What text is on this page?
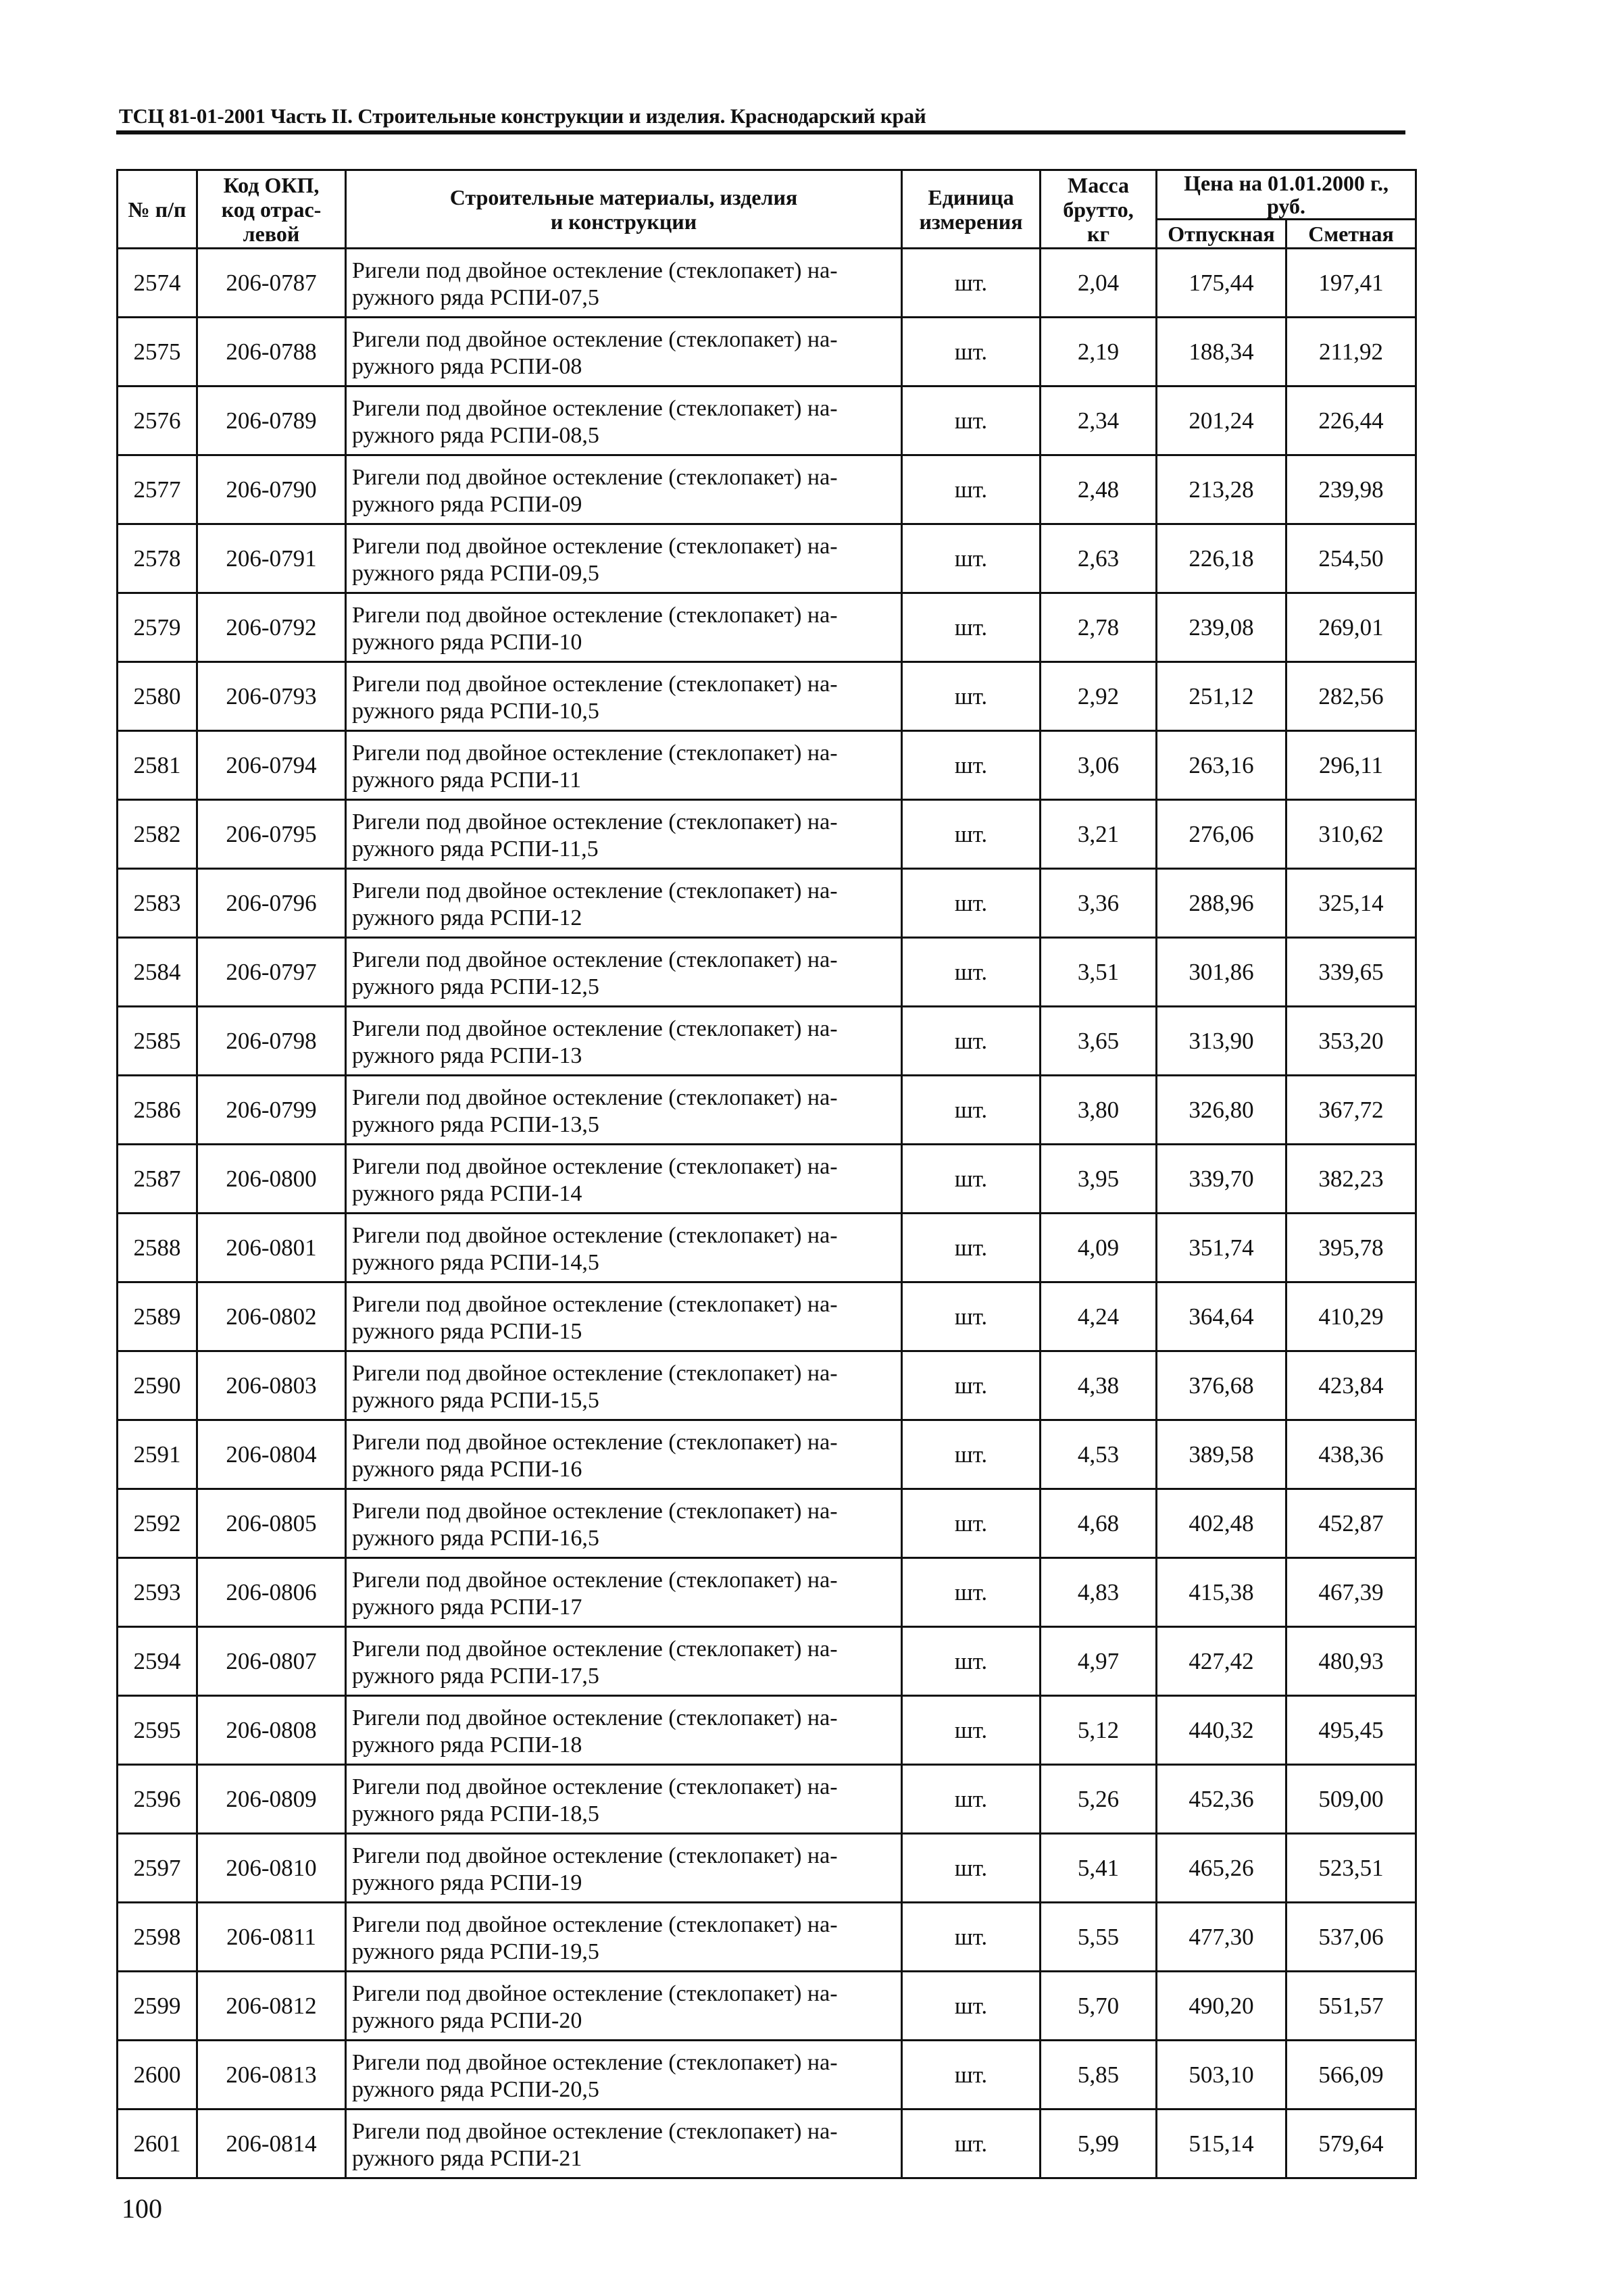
ТСЦ 81-01-2001 Часть II. Строительные конструкции и изделия. Краснодарский край
№ п/п	Код ОКП,
код отрас-
левой	Строительные материалы, изделия
и конструкции	Единица
измерения	Масса
брутто,
кг	Цена на 01.01.2000 г.,
руб.	

					Отпускная	Сметная
2574	206-0787	Ригели под двойное остекление (стеклопакет) на-
ружного ряда РСПИ-07,5	шт.	2,04	175,44	197,41
2575	206-0788	Ригели под двойное остекление (стеклопакет) на-
ружного ряда РСПИ-08	шт.	2,19	188,34	211,92
2576	206-0789	Ригели под двойное остекление (стеклопакет) на-
ружного ряда РСПИ-08,5	шт.	2,34	201,24	226,44
2577	206-0790	Ригели под двойное остекление (стеклопакет) на-
ружного ряда РСПИ-09	шт.	2,48	213,28	239,98
2578	206-0791	Ригели под двойное остекление (стеклопакет) на-
ружного ряда РСПИ-09,5	шт.	2,63	226,18	254,50
2579	206-0792	Ригели под двойное остекление (стеклопакет) на-
ружного ряда РСПИ-10	шт.	2,78	239,08	269,01
2580	206-0793	Ригели под двойное остекление (стеклопакет) на-
ружного ряда РСПИ-10,5	шт.	2,92	251,12	282,56
2581	206-0794	Ригели под двойное остекление (стеклопакет) на-
ружного ряда РСПИ-11	шт.	3,06	263,16	296,11
2582	206-0795	Ригели под двойное остекление (стеклопакет) на-
ружного ряда РСПИ-11,5	шт.	3,21	276,06	310,62
2583	206-0796	Ригели под двойное остекление (стеклопакет) на-
ружного ряда РСПИ-12	шт.	3,36	288,96	325,14
2584	206-0797	Ригели под двойное остекление (стеклопакет) на-
ружного ряда РСПИ-12,5	шт.	3,51	301,86	339,65
2585	206-0798	Ригели под двойное остекление (стеклопакет) на-
ружного ряда РСПИ-13	шт.	3,65	313,90	353,20
2586	206-0799	Ригели под двойное остекление (стеклопакет) на-
ружного ряда РСПИ-13,5	шт.	3,80	326,80	367,72
2587	206-0800	Ригели под двойное остекление (стеклопакет) на-
ружного ряда РСПИ-14	шт.	3,95	339,70	382,23
2588	206-0801	Ригели под двойное остекление (стеклопакет) на-
ружного ряда РСПИ-14,5	шт.	4,09	351,74	395,78
2589	206-0802	Ригели под двойное остекление (стеклопакет) на-
ружного ряда РСПИ-15	шт.	4,24	364,64	410,29
2590	206-0803	Ригели под двойное остекление (стеклопакет) на-
ружного ряда РСПИ-15,5	шт.	4,38	376,68	423,84
2591	206-0804	Ригели под двойное остекление (стеклопакет) на-
ружного ряда РСПИ-16	шт.	4,53	389,58	438,36
2592	206-0805	Ригели под двойное остекление (стеклопакет) на-
ружного ряда РСПИ-16,5	шт.	4,68	402,48	452,87
2593	206-0806	Ригели под двойное остекление (стеклопакет) на-
ружного ряда РСПИ-17	шт.	4,83	415,38	467,39
2594	206-0807	Ригели под двойное остекление (стеклопакет) на-
ружного ряда РСПИ-17,5	шт.	4,97	427,42	480,93
2595	206-0808	Ригели под двойное остекление (стеклопакет) на-
ружного ряда РСПИ-18	шт.	5,12	440,32	495,45
2596	206-0809	Ригели под двойное остекление (стеклопакет) на-
ружного ряда РСПИ-18,5	шт.	5,26	452,36	509,00
2597	206-0810	Ригели под двойное остекление (стеклопакет) на-
ружного ряда РСПИ-19	шт.	5,41	465,26	523,51
2598	206-0811	Ригели под двойное остекление (стеклопакет) на-
ружного ряда РСПИ-19,5	шт.	5,55	477,30	537,06
2599	206-0812	Ригели под двойное остекление (стеклопакет) на-
ружного ряда РСПИ-20	шт.	5,70	490,20	551,57
2600	206-0813	Ригели под двойное остекление (стеклопакет) на-
ружного ряда РСПИ-20,5	шт.	5,85	503,10	566,09
2601	206-0814	Ригели под двойное остекление (стеклопакет) на-
ружного ряда РСПИ-21	шт.	5,99	515,14	579,64
100
